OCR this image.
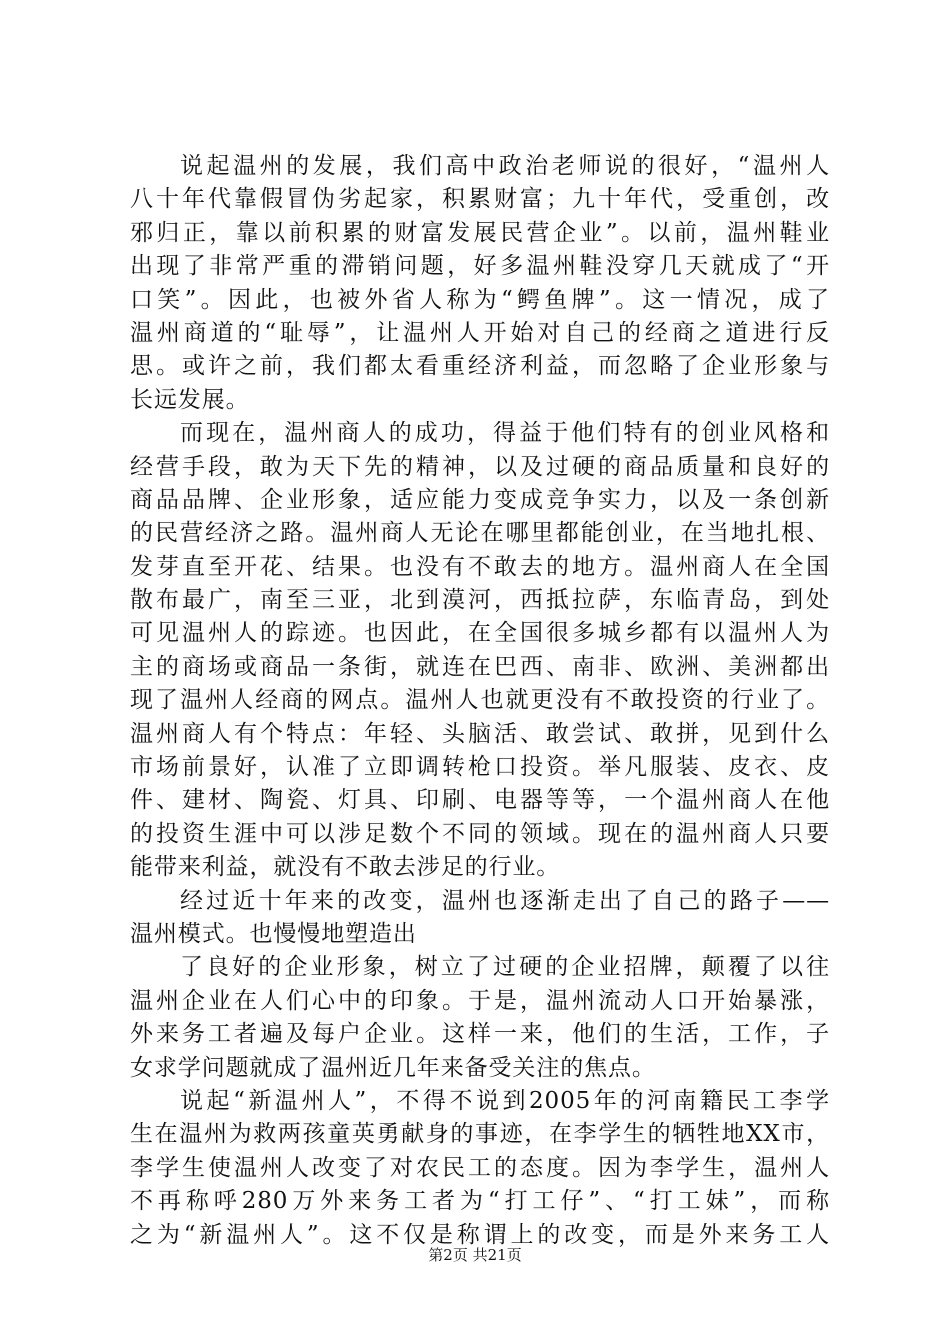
说起温州的发展，我们高中政治老师说的很好，“温州人
八十年代靠假冒伪劣起家，积累财富；九十年代，受重创，改
邪归正，靠以前积累的财富发展民营企业”。以前，温州鞋业
出现了非常严重的滞销问题，好多温州鞋没穿几天就成了“开
口笑”。因此，也被外省人称为“鳄鱼牌”。这一情况，成了
温州商道的“耻辱”，让温州人开始对自己的经商之道进行反
思。或许之前，我们都太看重经济利益，而忽略了企业形象与
长远发展。
而现在，温州商人的成功，得益于他们特有的创业风格和
经营手段，敢为天下先的精神，以及过硬的商品质量和良好的
商品品牌、企业形象，适应能力变成竞争实力，以及一条创新
的民营经济之路。温州商人无论在哪里都能创业，在当地扎根、
发芽直至开花、结果。也没有不敢去的地方。温州商人在全国
散布最广，南至三亚，北到漠河，西抵拉萨，东临青岛，到处
可见温州人的踪迹。也因此，在全国很多城乡都有以温州人为
主的商场或商品一条街，就连在巴西、南非、欧洲、美洲都出
现了温州人经商的网点。温州人也就更没有不敢投资的行业了。
温州商人有个特点：年轻、头脑活、敢尝试、敢拼，见到什么
市场前景好，认准了立即调转枪口投资。举凡服装、皮衣、皮
件、建材、陶瓷、灯具、印刷、电器等等，一个温州商人在他
的投资生涯中可以涉足数个不同的领域。现在的温州商人只要
能带来利益，就没有不敢去涉足的行业。
经过近十年来的改变，温州也逐渐走出了自己的路子——
温州模式。也慢慢地塑造出
了良好的企业形象，树立了过硬的企业招牌，颠覆了以往
温州企业在人们心中的印象。于是，温州流动人口开始暴涨，
外来务工者遍及每户企业。这样一来，他们的生活，工作，子
女求学问题就成了温州近几年来备受关注的焦点。
说起“新温州人”，不得不说到2005年的河南籍民工李学
生在温州为救两孩童英勇献身的事迹，在李学生的牺牲地XX市，
李学生使温州人改变了对农民工的态度。因为李学生，温州人
不再称呼280万外来务工者为“打工仔”、“打工妹”，而称
之为“新温州人”。这不仅是称谓上的改变，而是外来务工人
第2页 共21页
